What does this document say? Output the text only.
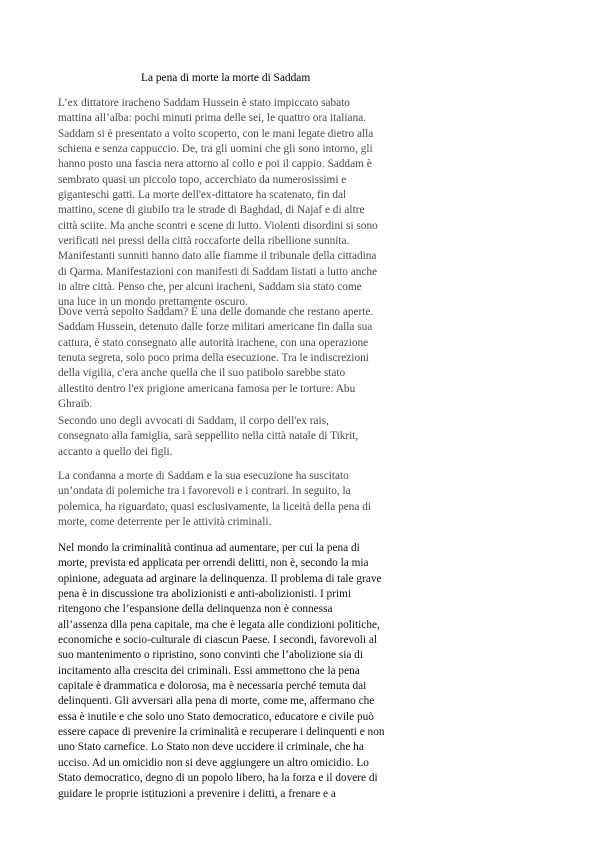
La pena di morte la morte di Saddam
L’ex dittatore iracheno Saddam Hussein è stato impiccato sabato
mattina all’alba: pochi minuti prima delle sei, le quattro ora italiana.
Saddam si è presentato a volto scoperto, con le mani legate dietro alla
schiena e senza cappuccio. De, tra gli uomini che gli sono intorno, gli
hanno posto una fascia nera attorno al collo e poi il cappio. Saddam è
sembrato quasi un piccolo topo, accerchiato da numerosissimi e
giganteschi gatti. La morte dell'ex-dittatore ha scatenato, fin dal
mattino, scene di giubilo tra le strade di Baghdad, di Najaf e di altre
città sciite. Ma anche scontri e scene di lutto. Violenti disordini si sono
verificati nei pressi della città roccaforte della ribellione sunnita.
Manifestanti sunniti hanno dato alle fiamme il tribunale della cittadina
di Qarma. Manifestazioni con manifesti di Saddam listati a lutto anche
in altre città. Penso che, per alcuni iracheni, Saddam sia stato come
una luce in un mondo prettamente oscuro.
Dove verrà sepolto Saddam? È una delle domande che restano aperte.
Saddam Hussein, detenuto dalle forze militari americane fin dalla sua
cattura, è stato consegnato alle autorità irachene, con una operazione
tenuta segreta, solo poco prima della esecuzione. Tra le indiscrezioni
della vigilia, c'era anche quella che il suo patibolo sarebbe stato
allestito dentro l'ex prigione americana famosa per le torture: Abu
Ghraib.
Secondo uno degli avvocati di Saddam, il corpo dell'ex rais,
consegnato alla famiglia, sarà seppellito nella città natale di Tikrit,
accanto a quello dei figli.
La condanna a morte di Saddam e la sua esecuzione ha suscitato
un’ondata di polemiche tra i favorevoli e i contrari. In seguito, la
polemica, ha riguardato, quasi esclusivamente, la liceità della pena di
morte, come deterrente per le attività criminali.
Nel mondo la criminalità continua ad aumentare, per cui la pena di
morte, prevista ed applicata per orrendi delitti, non è, secondo la mia
opinione, adeguata ad arginare la delinquenza. Il problema di tale grave
pena è in discussione tra abolizionisti e anti-abolizionisti. I primi
ritengono che l’espansione della delinquenza non è connessa
all’assenza dlla pena capitale, ma che è legata alle condizioni politiche,
economiche e socio-culturale di ciascun Paese. I secondi, favorevoli al
suo mantenimento o ripristino, sono convinti che l’abolizione sia di
incitamento alla crescita dei criminali. Essi ammettono che la pena
capitale è drammatica e dolorosa, ma è necessaria perché temuta dai
delinquenti. Gli avversari alla pena di morte, come me, affermano che
essa è inutile e che solo uno Stato democratico, educatore e civile può
essere capace di prevenire la criminalità e recuperare i delinquenti e non
uno Stato carnefice. Lo Stato non deve uccidere il criminale, che ha
ucciso. Ad un omicidio non si deve aggiungere un altro omicidio. Lo
Stato democratico, degno di un popolo libero, ha la forza e il dovere di
guidare le proprie istituzioni a prevenire i delitti, a frenare e a
